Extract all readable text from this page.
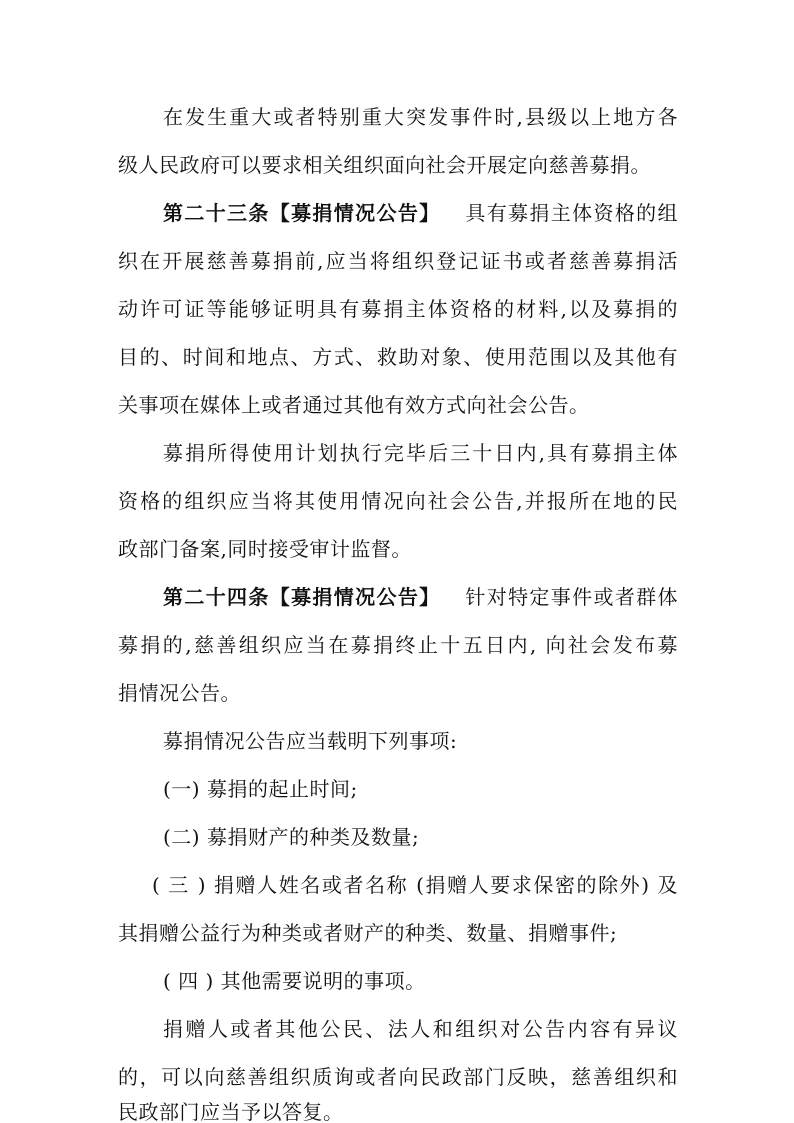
在发生重大或者特别重大突发事件时,县级以上地方各
级人民政府可以要求相关组织面向社会开展定向慈善募捐。
第二十三条【募捐情况公告】 具有募捐主体资格的组
织在开展慈善募捐前,应当将组织登记证书或者慈善募捐活
动许可证等能够证明具有募捐主体资格的材料,以及募捐的
目的、时间和地点、方式、救助对象、使用范围以及其他有
关事项在媒体上或者通过其他有效方式向社会公告。
募捐所得使用计划执行完毕后三十日内,具有募捐主体
资格的组织应当将其使用情况向社会公告,并报所在地的民
政部门备案,同时接受审计监督。
第二十四条【募捐情况公告】 针对特定事件或者群体
募捐的,慈善组织应当在募捐终止十五日内, 向社会发布募
捐情况公告。
募捐情况公告应当载明下列事项:
(一) 募捐的起止时间;
(二) 募捐财产的种类及数量;
( 三 ) 捐赠人姓名或者名称 (捐赠人要求保密的除外) 及
其捐赠公益行为种类或者财产的种类、数量、捐赠事件;
( 四 ) 其他需要说明的事项。
捐赠人或者其他公民、法人和组织对公告内容有异议
的，可以向慈善组织质询或者向民政部门反映，慈善组织和
民政部门应当予以答复。
